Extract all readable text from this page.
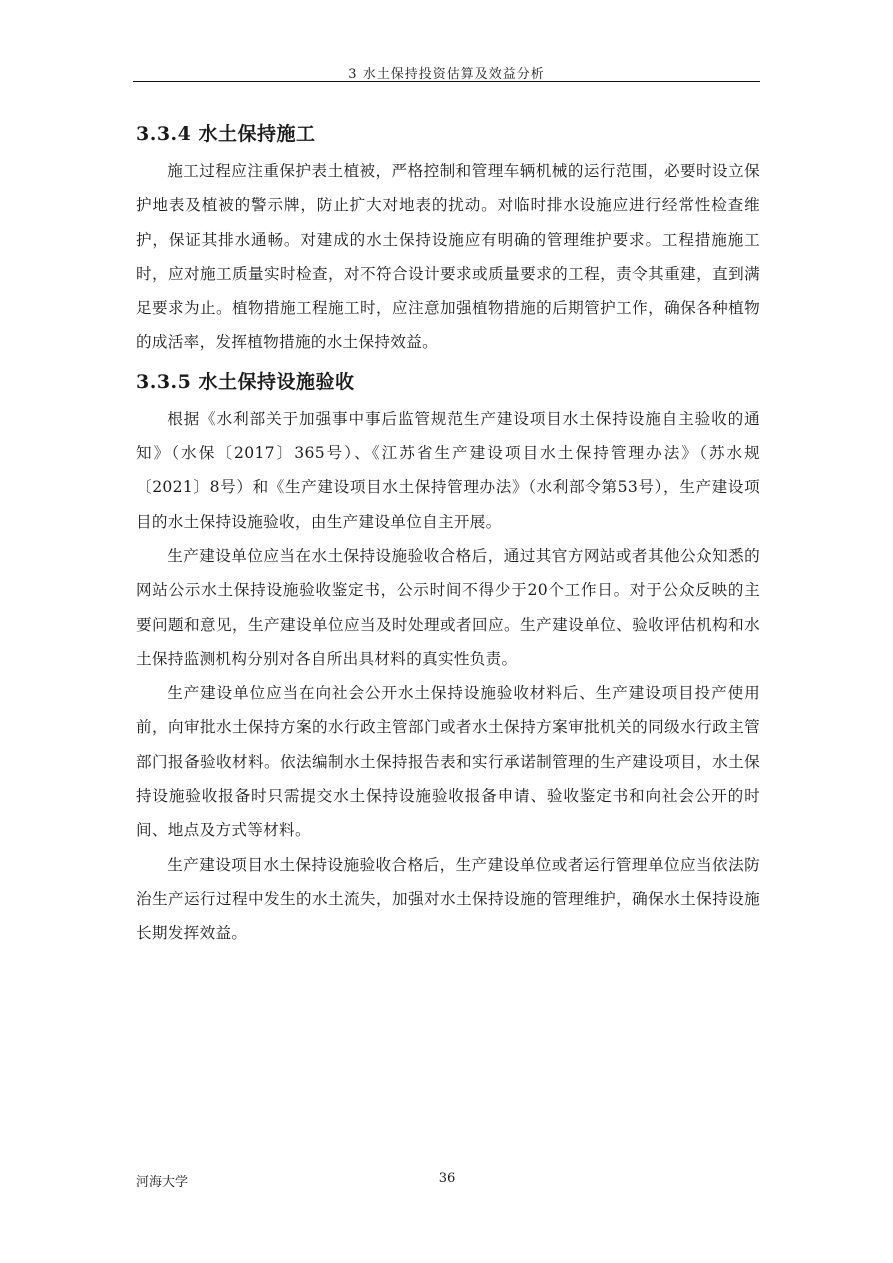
3 水土保持投资估算及效益分析
3.3.4 水土保持施工

施工过程应注重保护表土植被，严格控制和管理车辆机械的运行范围，必要时设立保护地表及植被的警示牌，防止扩大对地表的扰动。对临时排水设施应进行经常性检查维护，保证其排水通畅。对建成的水土保持设施应有明确的管理维护要求。工程措施施工时，应对施工质量实时检查，对不符合设计要求或质量要求的工程，责令其重建，直到满足要求为止。植物措施工程施工时，应注意加强植物措施的后期管护工作，确保各种植物的成活率，发挥植物措施的水土保持效益。

3.3.5 水土保持设施验收

根据《水利部关于加强事中事后监管规范生产建设项目水土保持设施自主验收的通知》（水保〔2017〕365号）、《江苏省生产建设项目水土保持管理办法》（苏水规〔2021〕8号）和《生产建设项目水土保持管理办法》（水利部令第53号），生产建设项目的水土保持设施验收，由生产建设单位自主开展。

生产建设单位应当在水土保持设施验收合格后，通过其官方网站或者其他公众知悉的网站公示水土保持设施验收鉴定书，公示时间不得少于20个工作日。对于公众反映的主要问题和意见，生产建设单位应当及时处理或者回应。生产建设单位、验收评估机构和水土保持监测机构分别对各自所出具材料的真实性负责。

生产建设单位应当在向社会公开水土保持设施验收材料后、生产建设项目投产使用前，向审批水土保持方案的水行政主管部门或者水土保持方案审批机关的同级水行政主管部门报备验收材料。依法编制水土保持报告表和实行承诺制管理的生产建设项目，水土保持设施验收报备时只需提交水土保持设施验收报备申请、验收鉴定书和向社会公开的时间、地点及方式等材料。

生产建设项目水土保持设施验收合格后，生产建设单位或者运行管理单位应当依法防治生产运行过程中发生的水土流失，加强对水土保持设施的管理维护，确保水土保持设施长期发挥效益。

河海大学	36
